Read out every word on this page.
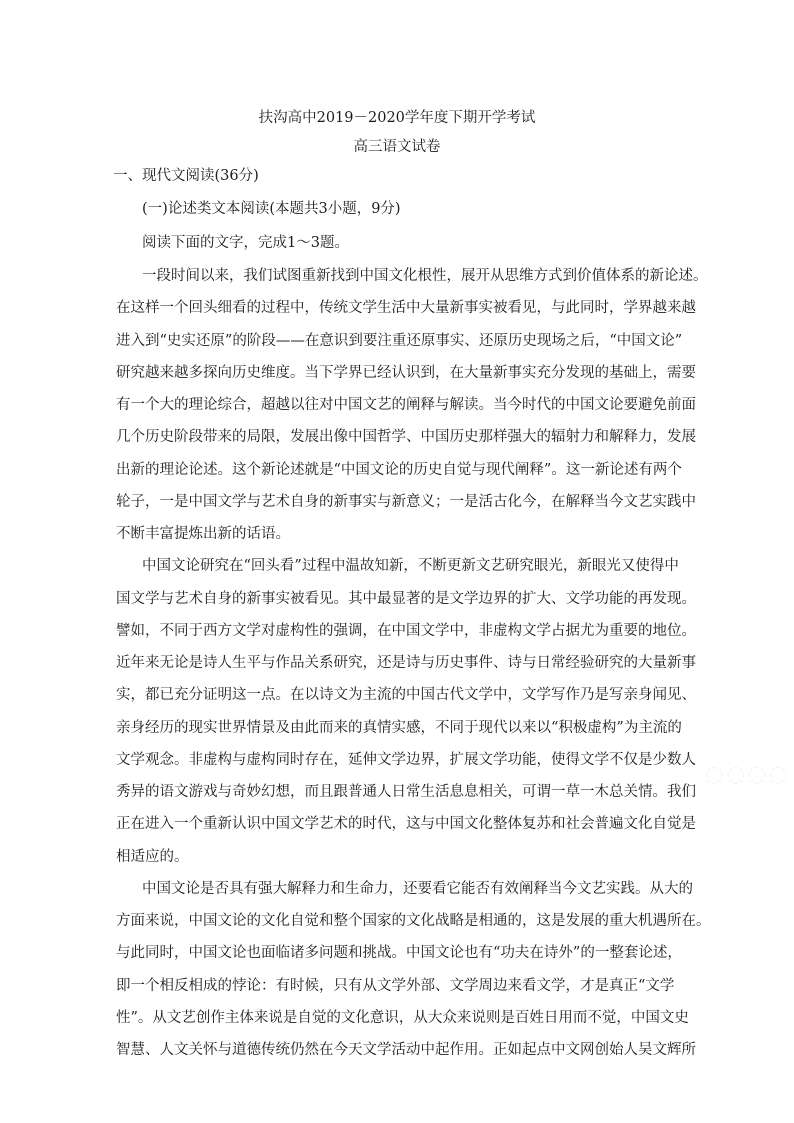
扶沟高中2019－2020学年度下期开学考试
高三语文试卷
一、现代文阅读(36分)
(一)论述类文本阅读(本题共3小题，9分)
阅读下面的文字，完成1～3题。
一段时间以来，我们试图重新找到中国文化根性，展开从思维方式到价值体系的新论述。
在这样一个回头细看的过程中，传统文学生活中大量新事实被看见，与此同时，学界越来越
进入到“史实还原”的阶段——在意识到要注重还原事实、还原历史现场之后，“中国文论”
研究越来越多探向历史维度。当下学界已经认识到，在大量新事实充分发现的基础上，需要
有一个大的理论综合，超越以往对中国文艺的阐释与解读。当今时代的中国文论要避免前面
几个历史阶段带来的局限，发展出像中国哲学、中国历史那样强大的辐射力和解释力，发展
出新的理论论述。这个新论述就是“中国文论的历史自觉与现代阐释”。这一新论述有两个
轮子，一是中国文学与艺术自身的新事实与新意义；一是活古化今，在解释当今文艺实践中
不断丰富提炼出新的话语。
中国文论研究在“回头看”过程中温故知新，不断更新文艺研究眼光，新眼光又使得中
国文学与艺术自身的新事实被看见。其中最显著的是文学边界的扩大、文学功能的再发现。
譬如，不同于西方文学对虚构性的强调，在中国文学中，非虚构文学占据尤为重要的地位。
近年来无论是诗人生平与作品关系研究，还是诗与历史事件、诗与日常经验研究的大量新事
实，都已充分证明这一点。在以诗文为主流的中国古代文学中，文学写作乃是写亲身闻见、
亲身经历的现实世界情景及由此而来的真情实感，不同于现代以来以“积极虚构”为主流的
文学观念。非虚构与虚构同时存在，延伸文学边界，扩展文学功能，使得文学不仅是少数人
秀异的语文游戏与奇妙幻想，而且跟普通人日常生活息息相关，可谓一草一木总关情。我们
正在进入一个重新认识中国文学艺术的时代，这与中国文化整体复苏和社会普遍文化自觉是
相适应的。
中国文论是否具有强大解释力和生命力，还要看它能否有效阐释当今文艺实践。从大的
方面来说，中国文论的文化自觉和整个国家的文化战略是相通的，这是发展的重大机遇所在。
与此同时，中国文论也面临诸多问题和挑战。中国文论也有“功夫在诗外”的一整套论述，
即一个相反相成的悖论：有时候，只有从文学外部、文学周边来看文学，才是真正“文学
性”。从文艺创作主体来说是自觉的文化意识，从大众来说则是百姓日用而不觉，中国文史
智慧、人文关怀与道德传统仍然在今天文学活动中起作用。正如起点中文网创始人吴文辉所
◌◌◌◌
